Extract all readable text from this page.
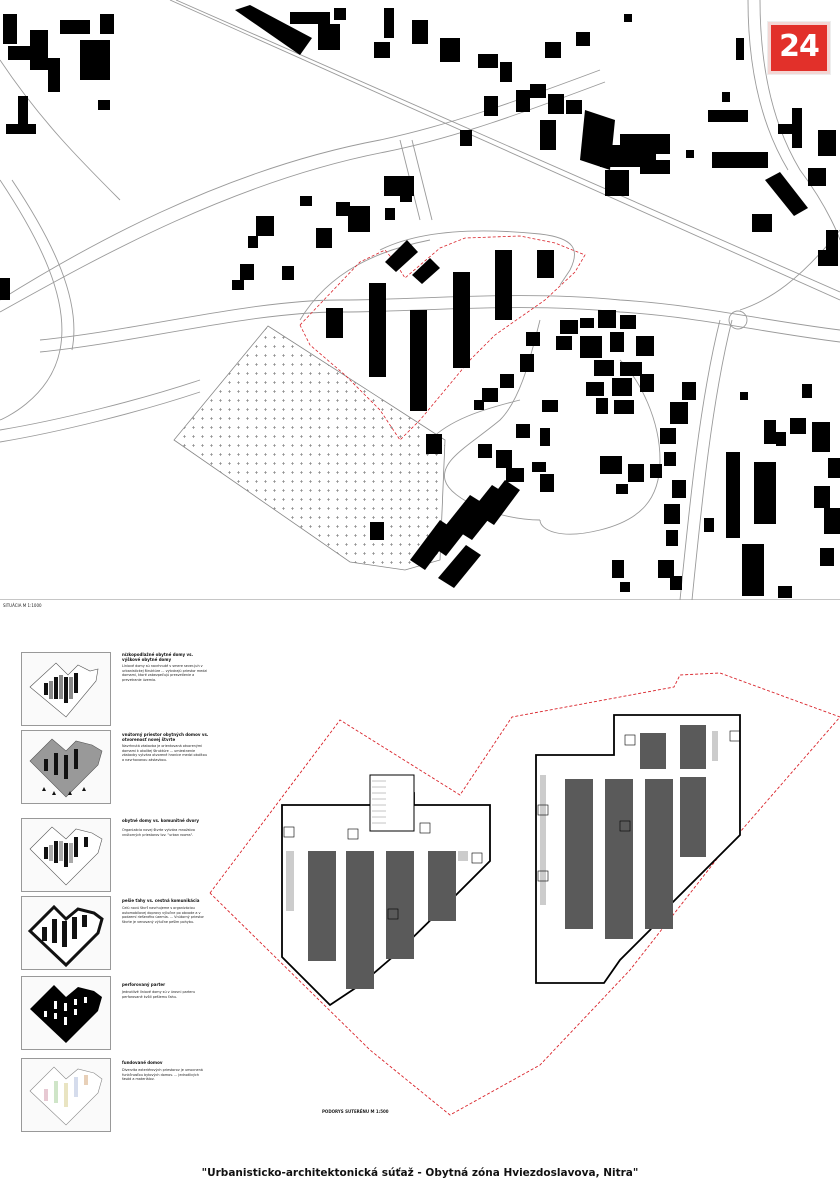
24
SITUÁCIA M 1:1000
nízkopodlažné obytné domy vs. výškové obytné domy
Líniové domy sú navrhnuté v smere sever-juh v urbanistickej štruktúre ... vytvárajú priestor medzi domami, ktoré zabezpečujú presvetlenie a prevetranie územia.
vnútorný priestor obytných domov vs. otvorenosť novej štvrte
Navrhnutá zástavba je orientovaná otvorenými domami k okolitej štruktúre ... umiestnenie zástavby vytvára otvorené hranice medzi okolitou a navrhovanou zástavbou.
obytné domy vs. komunitné dvory
Organizácia novej štvrte vytvára množstvo vnútorných priestorov tzv. "urban rooms".
pešie ťahy vs. cestná komunikácia
Celú novú štvrť navrhujeme s organizáciou automobilovej dopravy výlučne po obvode a v podzemí riešeného územia. ... Vnútorný priestor štvrte je venovaný výlučne peším pohybu.
perforovaný parter
Jednotlivé líniové domy sú v úrovni parteru perforované kvôli pešiemu ťahu.
fundované domov
Diverzita exteriérových priestorov je umocnená funkčnosťou bytových domov. ... jednotlivých fasád a materiálov.
PODORYS SUTERÉNU M 1:500
"Urbanisticko-architektonická súťaž - Obytná zóna Hviezdoslavova, Nitra"
